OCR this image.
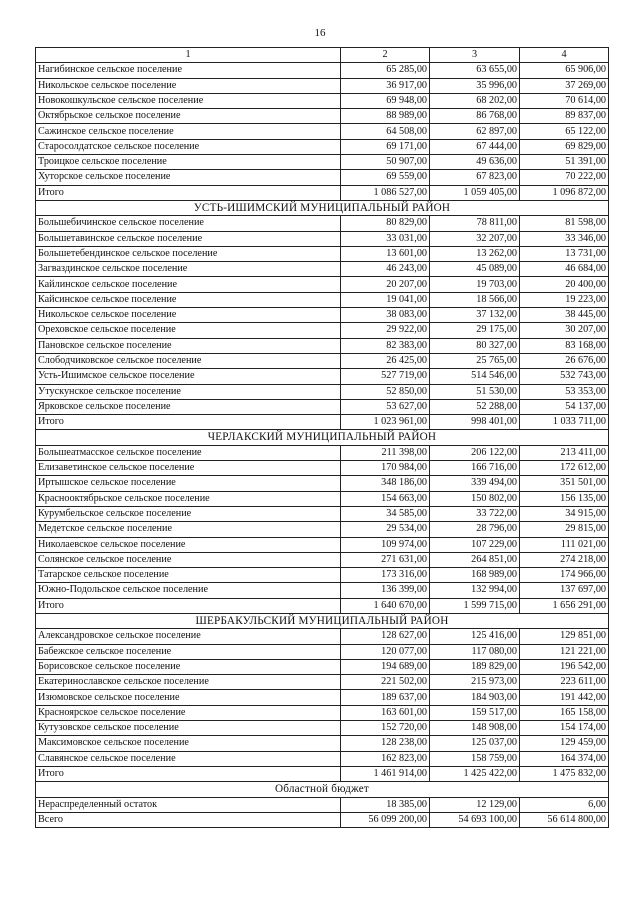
16
1	2	3	4
Нагибинское сельское поселение	65 285,00	63 655,00	65 906,00
Никольское сельское поселение	36 917,00	35 996,00	37 269,00
Новокошкульское сельское поселение	69 948,00	68 202,00	70 614,00
Октябрьское сельское поселение	88 989,00	86 768,00	89 837,00
Сажинское сельское поселение	64 508,00	62 897,00	65 122,00
Старосолдатское сельское поселение	69 171,00	67 444,00	69 829,00
Троицкое сельское поселение	50 907,00	49 636,00	51 391,00
Хуторское сельское поселение	69 559,00	67 823,00	70 222,00
Итого	1 086 527,00	1 059 405,00	1 096 872,00
УСТЬ-ИШИМСКИЙ МУНИЦИПАЛЬНЫЙ РАЙОН			
Большебичинское сельское поселение	80 829,00	78 811,00	81 598,00
Большетавинское сельское поселение	33 031,00	32 207,00	33 346,00
Большетебендинское сельское поселение	13 601,00	13 262,00	13 731,00
Загваздинское сельское поселение	46 243,00	45 089,00	46 684,00
Кайлинское сельское поселение	20 207,00	19 703,00	20 400,00
Кайсинское сельское поселение	19 041,00	18 566,00	19 223,00
Никольское сельское поселение	38 083,00	37 132,00	38 445,00
Ореховское сельское поселение	29 922,00	29 175,00	30 207,00
Пановское сельское поселение	82 383,00	80 327,00	83 168,00
Слободчиковское сельское поселение	26 425,00	25 765,00	26 676,00
Усть-Ишимское сельское поселение	527 719,00	514 546,00	532 743,00
Утускунское сельское поселение	52 850,00	51 530,00	53 353,00
Ярковское сельское поселение	53 627,00	52 288,00	54 137,00
Итого	1 023 961,00	998 401,00	1 033 711,00
ЧЕРЛАКСКИЙ МУНИЦИПАЛЬНЫЙ РАЙОН			
Большеатмасское сельское поселение	211 398,00	206 122,00	213 411,00
Елизаветинское сельское поселение	170 984,00	166 716,00	172 612,00
Иртышское сельское поселение	348 186,00	339 494,00	351 501,00
Краснооктябрьское сельское поселение	154 663,00	150 802,00	156 135,00
Курумбельское сельское поселение	34 585,00	33 722,00	34 915,00
Медетское сельское поселение	29 534,00	28 796,00	29 815,00
Николаевское сельское поселение	109 974,00	107 229,00	111 021,00
Солянское сельское поселение	271 631,00	264 851,00	274 218,00
Татарское сельское поселение	173 316,00	168 989,00	174 966,00
Южно-Подольское сельское поселение	136 399,00	132 994,00	137 697,00
Итого	1 640 670,00	1 599 715,00	1 656 291,00
ШЕРБАКУЛЬСКИЙ МУНИЦИПАЛЬНЫЙ РАЙОН			
Александровское сельское поселение	128 627,00	125 416,00	129 851,00
Бабежское сельское поселение	120 077,00	117 080,00	121 221,00
Борисовское сельское поселение	194 689,00	189 829,00	196 542,00
Екатеринославское сельское поселение	221 502,00	215 973,00	223 611,00
Изюмовское сельское поселение	189 637,00	184 903,00	191 442,00
Красноярское сельское поселение	163 601,00	159 517,00	165 158,00
Кутузовское сельское поселение	152 720,00	148 908,00	154 174,00
Максимовское сельское поселение	128 238,00	125 037,00	129 459,00
Славянское сельское поселение	162 823,00	158 759,00	164 374,00
Итого	1 461 914,00	1 425 422,00	1 475 832,00
Областной бюджет			
Нераспределенный остаток	18 385,00	12 129,00	6,00
Всего	56 099 200,00	54 693 100,00	56 614 800,00
